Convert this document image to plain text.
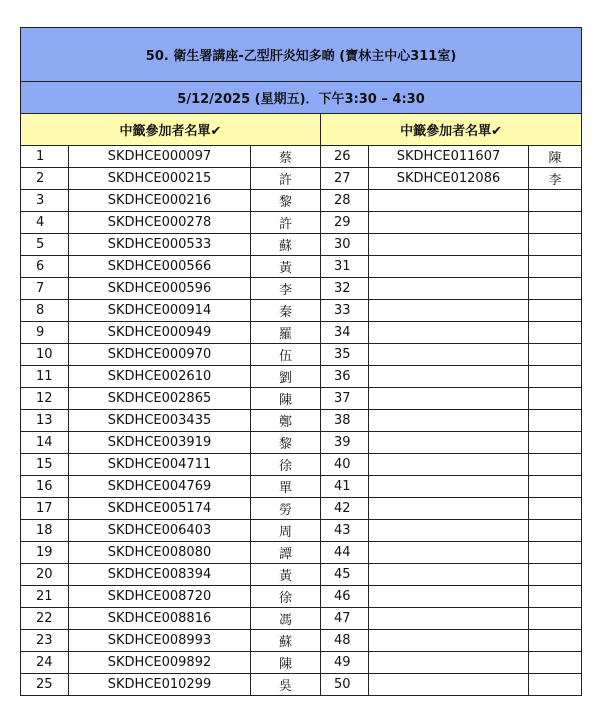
50. 衛生署講座-乙型肝炎知多啲 (寶林主中心311室)					
5/12/2025 (星期五)．下午3:30 – 4:30					
中籤參加者名單✔			中籤參加者名單✔		
1	SKDHCE000097	蔡	26	SKDHCE011607	陳
2	SKDHCE000215	許	27	SKDHCE012086	李
3	SKDHCE000216	黎	28		
4	SKDHCE000278	許	29		
5	SKDHCE000533	蘇	30		
6	SKDHCE000566	黃	31		
7	SKDHCE000596	李	32		
8	SKDHCE000914	秦	33		
9	SKDHCE000949	羅	34		
10	SKDHCE000970	伍	35		
11	SKDHCE002610	劉	36		
12	SKDHCE002865	陳	37		
13	SKDHCE003435	鄭	38		
14	SKDHCE003919	黎	39		
15	SKDHCE004711	徐	40		
16	SKDHCE004769	單	41		
17	SKDHCE005174	勞	42		
18	SKDHCE006403	周	43		
19	SKDHCE008080	譚	44		
20	SKDHCE008394	黃	45		
21	SKDHCE008720	徐	46		
22	SKDHCE008816	馮	47		
23	SKDHCE008993	蘇	48		
24	SKDHCE009892	陳	49		
25	SKDHCE010299	吳	50		
